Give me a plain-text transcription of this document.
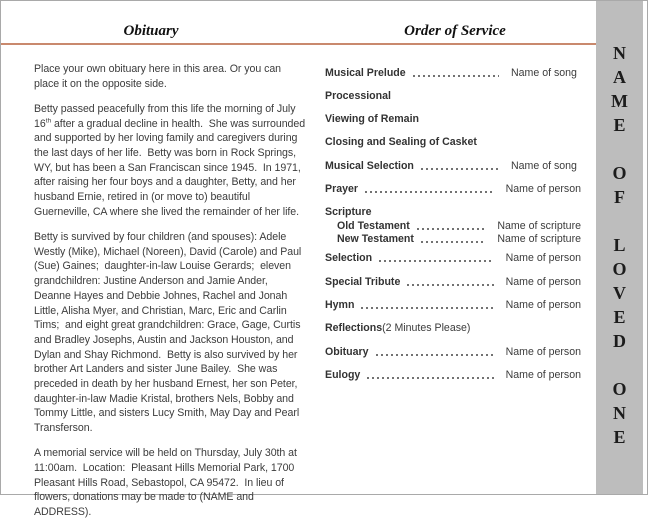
Obituary	Order of Service

Place your own obituary here in this area. Or you can place it on the opposite side.

Betty passed peacefully from this life the morning of July 16th after a gradual decline in health.  She was surrounded and supported by her loving family and caregivers during the last days of her life.  Betty was born in Rock Springs, WY, but has been a San Franciscan since 1945.  In 1971, after raising her four boys and a daughter, Betty, and her husband Ernie, retired in (or move to) beautiful Guerneville, CA where she lived the remainder of her life.

Betty is survived by four children (and spouses): Adele Westly (Mike), Michael (Noreen), David (Carole) and Paul (Sue) Gaines;  daughter-in-law Louise Gerards;  eleven grandchildren: Justine Anderson and Jamie Ander, Deanne Hayes and Debbie Johnes, Rachel and Jonah Little, Alisha Myer, and Christian, Marc, Eric and Carlin Tims;  and eight great grandchildren: Grace, Gage, Curtis and Bradley Josephs, Austin and Jackson Houston, and Dylan and Shay Richmond.  Betty is also survived by her brother Art Landers and sister June Bailey.  She was preceded in death by her husband Ernest, her son Peter, daughter-in-law Madie Kristal, brothers Nels, Bobby and Tommy Little, and sisters Lucy Smith, May Day and Pearl Transferson.

A memorial service will be held on Thursday, July 30th at 11:00am.  Location:  Pleasant Hills Memorial Park, 1700 Pleasant Hills Road, Sebastopol, CA 95472.  In lieu of flowers, donations may be made to (NAME and ADDRESS).

Musical Prelude	Name of song
Processional
Viewing of Remain
Closing and Sealing of Casket
Musical Selection	Name of song
Prayer	Name of person
Scripture
Old Testament	Name of scripture
New Testament	Name of scripture
Selection	Name of person
Special Tribute	Name of person
Hymn	Name of person
Reflections (2 Minutes Please)
Obituary	Name of person
Eulogy	Name of person
N
A
M
E
O
F
L
O
V
E
D
O
N
E
